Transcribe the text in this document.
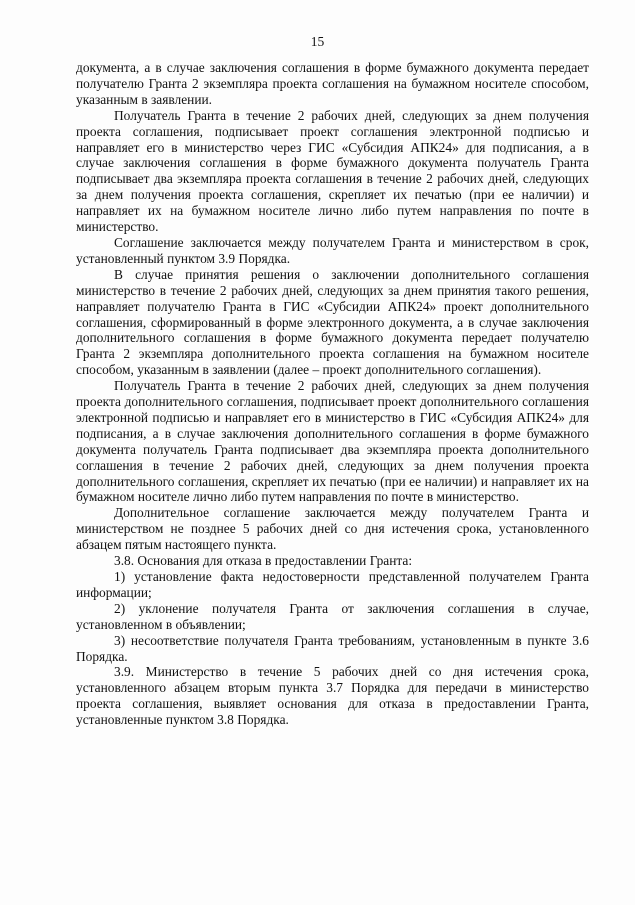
15

документа, а в случае заключения соглашения в форме бумажного документа передает получателю Гранта 2 экземпляра проекта соглашения на бумажном носителе способом, указанным в заявлении.

Получатель Гранта в течение 2 рабочих дней, следующих за днем получения проекта соглашения, подписывает проект соглашения электронной подписью и направляет его в министерство через ГИС «Субсидия АПК24» для подписания, а в случае заключения соглашения в форме бумажного документа получатель Гранта подписывает два экземпляра проекта соглашения в течение 2 рабочих дней, следующих за днем получения проекта соглашения, скрепляет их печатью (при ее наличии) и направляет их на бумажном носителе лично либо путем направления по почте в министерство.

Соглашение заключается между получателем Гранта и министерством в срок, установленный пунктом 3.9 Порядка.

В случае принятия решения о заключении дополнительного соглашения министерство в течение 2 рабочих дней, следующих за днем принятия такого решения, направляет получателю Гранта в ГИС «Субсидии АПК24» проект дополнительного соглашения, сформированный в форме электронного документа, а в случае заключения дополнительного соглашения в форме бумажного документа передает получателю Гранта 2 экземпляра дополнительного проекта соглашения на бумажном носителе способом, указанным в заявлении (далее – проект дополнительного соглашения).

Получатель Гранта в течение 2 рабочих дней, следующих за днем получения проекта дополнительного соглашения, подписывает проект дополнительного соглашения электронной подписью и направляет его в министерство в ГИС «Субсидия АПК24» для подписания, а в случае заключения дополнительного соглашения в форме бумажного документа получатель Гранта подписывает два экземпляра проекта дополнительного соглашения в течение 2 рабочих дней, следующих за днем получения проекта дополнительного соглашения, скрепляет их печатью (при ее наличии) и направляет их на бумажном носителе лично либо путем направления по почте в министерство.

Дополнительное соглашение заключается между получателем Гранта и министерством не позднее 5 рабочих дней со дня истечения срока, установленного абзацем пятым настоящего пункта.

3.8. Основания для отказа в предоставлении Гранта:

1) установление факта недостоверности представленной получателем Гранта информации;

2) уклонение получателя Гранта от заключения соглашения в случае, установленном в объявлении;

3) несоответствие получателя Гранта требованиям, установленным в пункте 3.6 Порядка.

3.9. Министерство в течение 5 рабочих дней со дня истечения срока, установленного абзацем вторым пункта 3.7 Порядка для передачи в министерство проекта соглашения, выявляет основания для отказа в предоставлении Гранта, установленные пунктом 3.8 Порядка.
